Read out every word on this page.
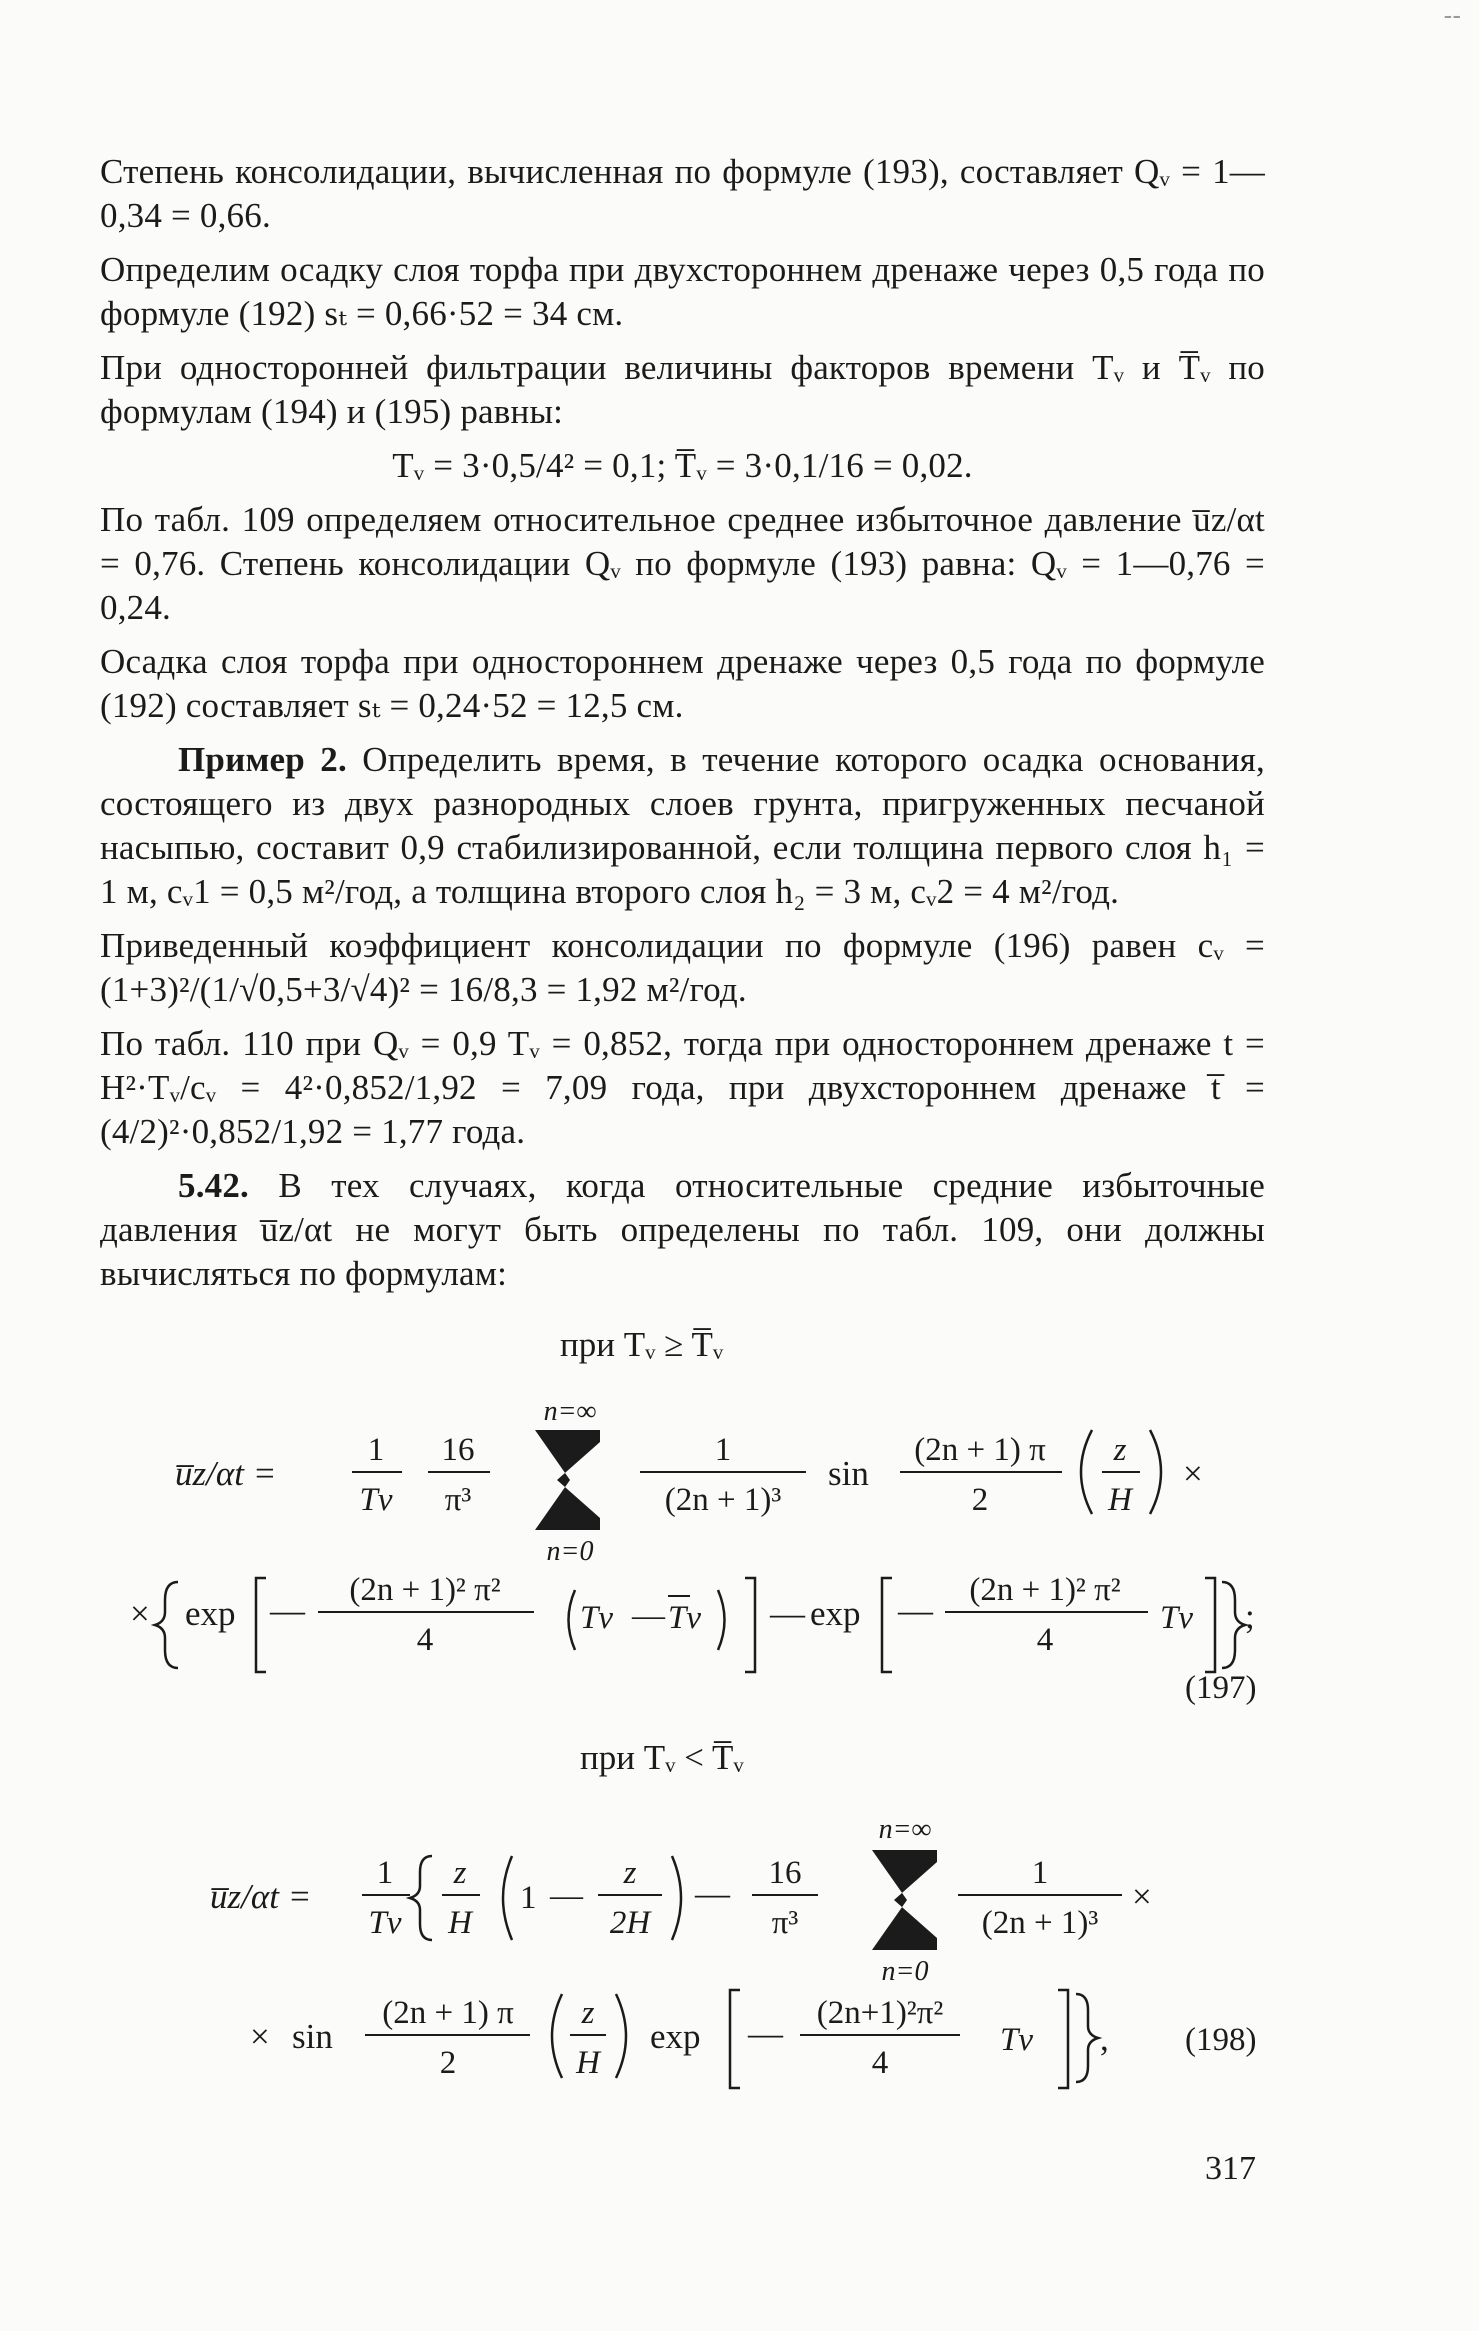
--

Степень консолидации, вычисленная по формуле (193), составляет Qᵥ = 1—0,34 = 0,66.

Определим осадку слоя торфа при двухстороннем дренаже через 0,5 года по формуле (192) sₜ = 0,66·52 = 34 см.

При односторонней фильтрации величины факторов времени Tᵥ и T̅ᵥ по формулам (194) и (195) равны:

Tᵥ = 3·0,5/4² = 0,1; T̅ᵥ = 3·0,1/16 = 0,02.

По табл. 109 определяем относительное среднее избыточное давление u̅z/αt = 0,76. Степень консолидации Qᵥ по формуле (193) равна: Qᵥ = 1—0,76 = 0,24.

Осадка слоя торфа при одностороннем дренаже через 0,5 года по формуле (192) составляет sₜ = 0,24·52 = 12,5 см.

Пример 2. Определить время, в течение которого осадка основания, состоящего из двух разнородных слоев грунта, пригруженных песчаной насыпью, составит 0,9 стабилизированной, если толщина первого слоя h₁ = 1 м, cᵥ1 = 0,5 м²/год, а толщина второго слоя h₂ = 3 м, cᵥ2 = 4 м²/год.

Приведенный коэффициент консолидации по формуле (196) равен cᵥ = (1+3)²/(1/√0,5+3/√4)² = 16/8,3 = 1,92 м²/год.

По табл. 110 при Qᵥ = 0,9 Tᵥ = 0,852, тогда при одностороннем дренаже t = H²·Tᵥ/cᵥ = 4²·0,852/1,92 = 7,09 года, при двухстороннем дренаже t̅ = (4/2)²·0,852/1,92 = 1,77 года.

5.42. В тех случаях, когда относительные средние избыточные давления u̅z/αt не могут быть определены по табл. 109, они должны вычисляться по формулам:

при Tᵥ ≥ T̅ᵥ
u̅z/αt =
1
Tv
16
π³
n=∞
n=0
1
(2n + 1)³
sin
(2n + 1) π
2
z
H
×
× exp —
(2n + 1)² π²
4
Tv — Tv — exp —
(2n + 1)² π²
4
Tv ;
(197)
при Tᵥ < T̅ᵥ
u̅z/αt =
1
Tv
z
H
1 —
z
2H
—
16
π³
n=∞
n=0
1
(2n + 1)³
×
× sin
(2n + 1) π
2
z
H
exp —
(2n+1)²π²
4
Tv , (198)
317
